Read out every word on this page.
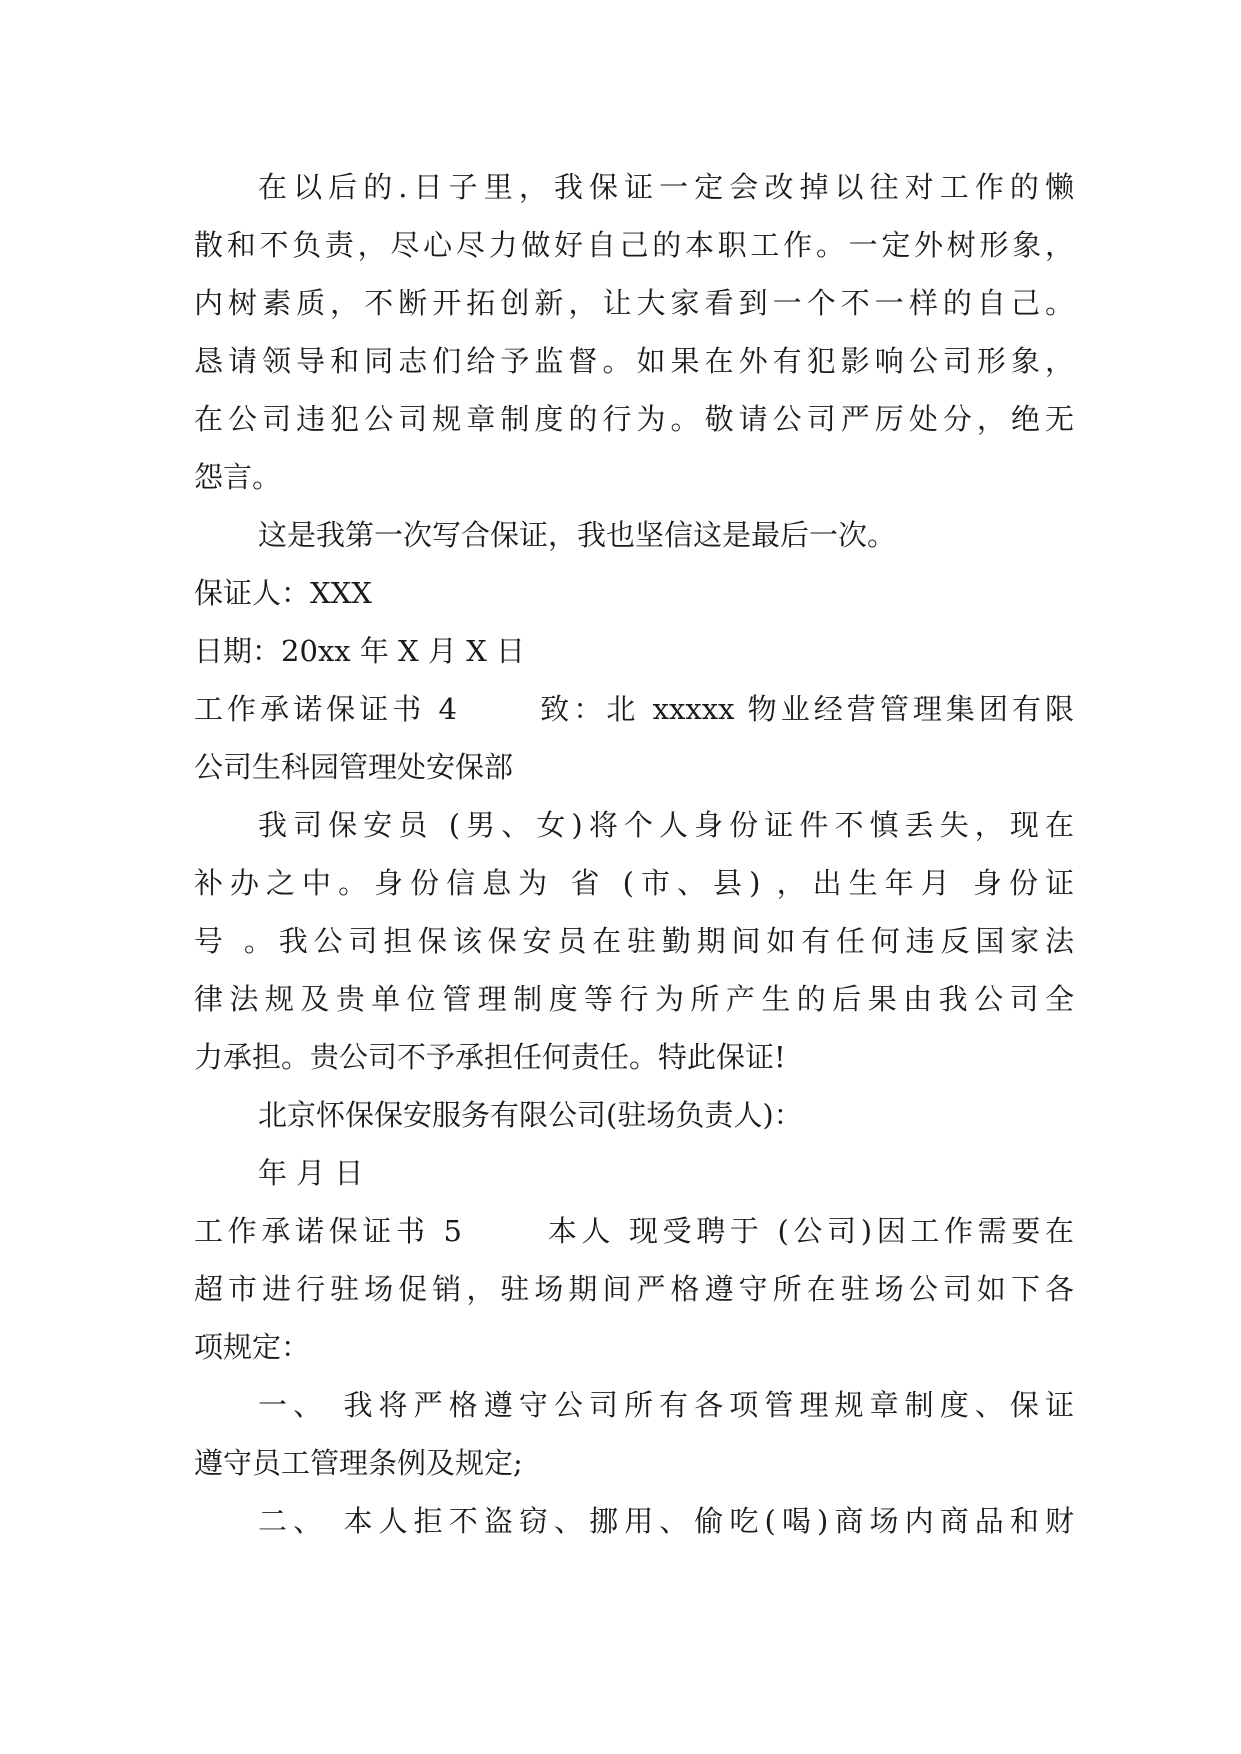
在以后的.日子里，我保证一定会改掉以往对工作的懒
散和不负责，尽心尽力做好自己的本职工作。一定外树形象，
内树素质，不断开拓创新，让大家看到一个不一样的自己。
恳请领导和同志们给予监督。如果在外有犯影响公司形象，
在公司违犯公司规章制度的行为。敬请公司严厉处分，绝无
怨言。
这是我第一次写合保证，我也坚信这是最后一次。
保证人：XXX
日期：20xx 年 X 月 X 日
工作承诺保证书 4　　 致：北 xxxxx 物业经营管理集团有限
公司生科园管理处安保部
我司保安员 (男、女)将个人身份证件不慎丢失，现在
补办之中。身份信息为 省 (市、县) ，出生年月 身份证
号 。我公司担保该保安员在驻勤期间如有任何违反国家法
律法规及贵单位管理制度等行为所产生的后果由我公司全
力承担。贵公司不予承担任何责任。特此保证!
北京怀保保安服务有限公司(驻场负责人)：
年 月 日
工作承诺保证书 5　　 本人 现受聘于 (公司)因工作需要在
超市进行驻场促销，驻场期间严格遵守所在驻场公司如下各
项规定：
一、 我将严格遵守公司所有各项管理规章制度、保证
遵守员工管理条例及规定;
二、 本人拒不盗窃、挪用、偷吃(喝)商场内商品和财
